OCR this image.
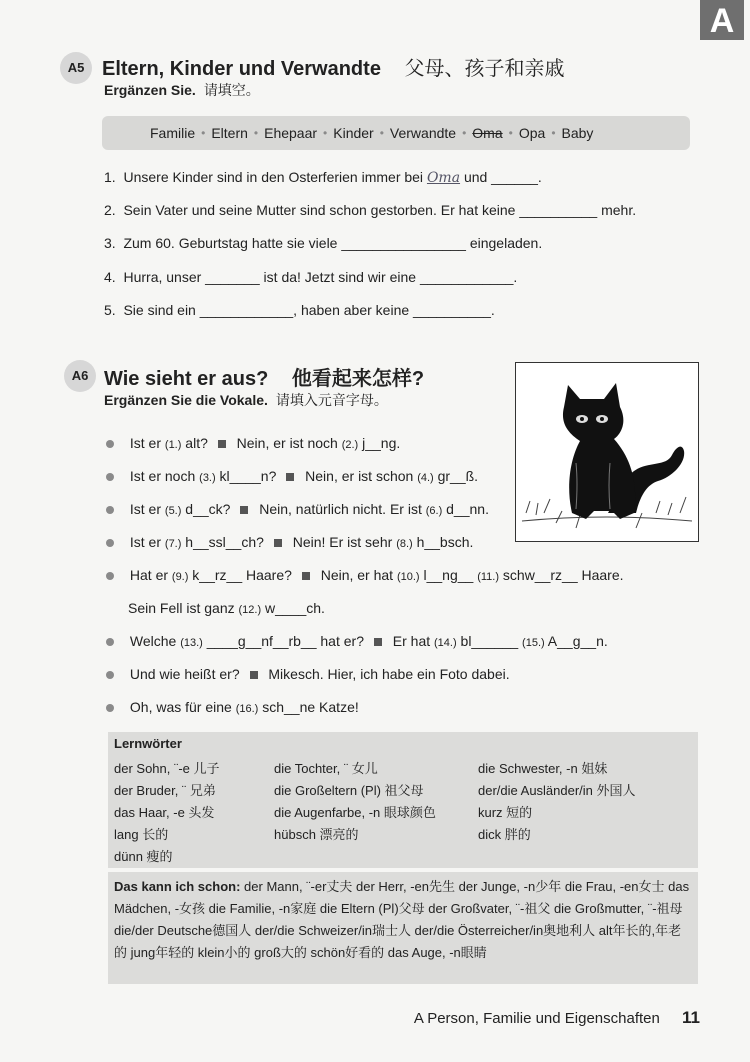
A
A5 Eltern, Kinder und Verwandte 父母、孩子和亲戚
Ergänzen Sie. 请填空。
Familie • Eltern • Ehepaar • Kinder • Verwandte • Oma • Opa • Baby
1. Unsere Kinder sind in den Osterferien immer bei Oma und ______.
2. Sein Vater und seine Mutter sind schon gestorben. Er hat keine __________ mehr.
3. Zum 60. Geburtstag hatte sie viele ________________ eingeladen.
4. Hurra, unser _______ ist da! Jetzt sind wir eine ____________.
5. Sie sind ein ____________, haben aber keine __________.
A6 Wie sieht er aus? 他看起来怎样?
Ergänzen Sie die Vokale. 请填入元音字母。
Ist er (1.) alt? Nein, er ist noch (2.) j__ng.
Ist er noch (3.) kl____n? Nein, er ist schon (4.) gr__ß.
Ist er (5.) d__ck? Nein, natürlich nicht. Er ist (6.) d__nn.
Ist er (7.) h__ssl__ch? Nein! Er ist sehr (8.) h__bsch.
Hat er (9.) k__rz__ Haare? Nein, er hat (10.) l__ng__ (11.) schw__rz__ Haare.
Sein Fell ist ganz (12.) w____ch.
Welche (13.) ____g__nf__rb__ hat er? Er hat (14.) bl______ (15.) A__g__n.
Und wie heißt er? Mikesch. Hier, ich habe ein Foto dabei.
Oh, was für eine (16.) sch__ne Katze!
Lernwörter
der Sohn, ¨-e 儿子
der Bruder, ¨ 兄弟
das Haar, -e 头发
lang 长的
dünn 瘦的
die Tochter, ¨ 女儿
die Großeltern (Pl) 祖父母
die Augenfarbe, -n 眼球颜色
hübsch 漂亮的
die Schwester, -n 姐妹
der/die Ausländer/in 外国人
kurz 短的
dick 胖的
Das kann ich schon: der Mann, ¨-er丈夫 der Herr, -en先生 der Junge, -n少年 die Frau, -en女士 das Mädchen, -女孩 die Familie, -n家庭 die Eltern (Pl)父母 der Großvater, ¨-祖父 die Großmutter, ¨-祖母 die/der Deutsche德国人 der/die Schweizer/in瑞士人 der/die Österreicher/in奥地利人 alt年长的,年老的 jung年轻的 klein小的 groß大的 schön好看的 das Auge, -n眼睛
A Person, Familie und Eigenschaften 11
